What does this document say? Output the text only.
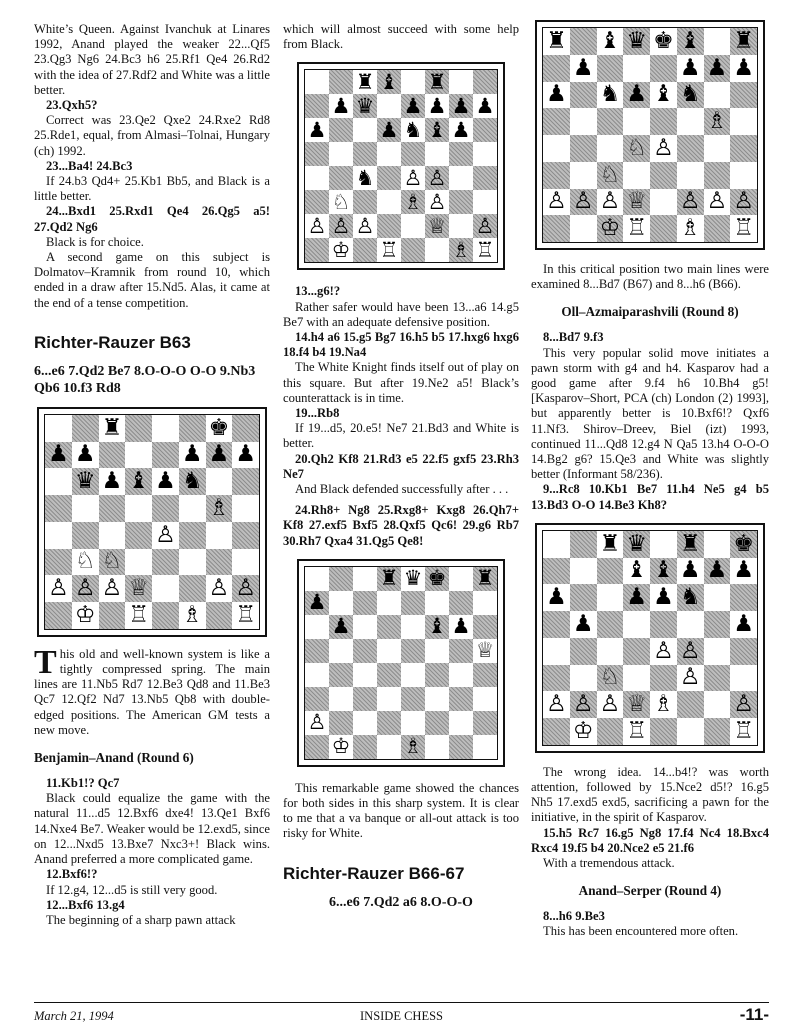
White’s Queen. Against Ivanchuk at Linares 1992, Anand played the weaker 22...Qf5 23.Qg3 Ng6 24.Bc3 h6 25.Rf1 Qe4 26.Rd2 with the idea of 27.Rdf2 and White was a little better.

23.Qxh5?

Correct was 23.Qe2 Qxe2 24.Rxe2 Rd8 25.Rde1, equal, from Almasi–Tolnai, Hungary (ch) 1992.

23...Ba4! 24.Bc3

If 24.b3 Qd4+ 25.Kb1 Bb5, and Black is a little better.

24...Bxd1 25.Rxd1 Qe4 26.Qg5 a5! 27.Qd2 Ng6

Black is for choice.

A second game on this subject is Dolmatov–Kramnik from round 10, which ended in a draw after 15.Nd5. Alas, it came at the end of a tense competition.

Richter-Rauzer B63
6...e6 7.Qd2 Be7 8.O-O-O O-O 9.Nb3 Qb6 10.f3 Rd8
♜	♚
♟ ♟	♟ ♟ ♟
♛ ♟ ♝ ♟ ♞
♗
♙
♘ ♘
♙ ♙ ♙ ♕	♙ ♙
♔ ♖ ♗ ♖

This old and well-known system is like a tightly compressed spring. The main lines are 11.Nb5 Rd7 12.Be3 Qd8 and 11.Be3 Qc7 12.Qf2 Nd7 13.Nb5 Qb8 with double-edged positions. The American GM tests a new move.

Benjamin–Anand (Round 6)

11.Kb1!? Qc7

Black could equalize the game with the natural 11...d5 12.Bxf6 dxe4! 13.Qe1 Bxf6 14.Nxe4 Be7. Weaker would be 12.exd5, since on 12...Nxd5 13.Bxe7 Nxc3+! Black wins. Anand preferred a more complicated game.

12.Bxf6!?

If 12.g4, 12...d5 is still very good.

12...Bxf6 13.g4

The beginning of a sharp pawn attack

which will almost succeed with some help from Black.

♜ ♝ ♜
♟ ♛ ♟ ♟ ♟ ♟
♟	♟ ♞ ♝ ♟
♞ ♙ ♙
♘	♗ ♙
♙ ♙ ♙	♕ ♙
♔ ♖	♗ ♖

13...g6!?

Rather safer would have been 13...a6 14.g5 Be7 with an adequate defensive position.

14.h4 a6 15.g5 Bg7 16.h5 b5 17.hxg6 hxg6 18.f4 b4 19.Na4

The White Knight finds itself out of play on this square. But after 19.Ne2 a5! Black’s counterattack is in time.

19...Rb8

If 19...d5, 20.e5! Ne7 21.Bd3 and White is better.

20.Qh2 Kf8 21.Rd3 e5 22.f5 gxf5 23.Rh3 Ne7

And Black defended successfully after . . .

24.Rh8+ Ng8 25.Rxg8+ Kxg8 26.Qh7+ Kf8 27.exf5 Bxf5 28.Qxf5 Qc6! 29.g6 Rb7 30.Rh7 Qxa4 31.Qg5 Qe8!

♜ ♛ ♚ ♜
♟
♟	♝ ♟
♕
♙
♔	♗

This remarkable game showed the chances for both sides in this sharp system. It is clear to me that a va banque or all-out attack is too risky for White.

Richter-Rauzer B66-67
6...e6 7.Qd2 a6 8.O-O-O
♜ ♝ ♛ ♚ ♝ ♜
♟	♟ ♟ ♟
♟ ♞ ♟ ♝ ♞
♗
♘ ♙
♘
♙ ♙ ♙ ♕ ♙ ♙ ♙
♔ ♖ ♗ ♖

In this critical position two main lines were examined 8...Bd7 (B67) and 8...h6 (B66).

Oll–Azmaiparashvili (Round 8)

8...Bd7 9.f3

This very popular solid move initiates a pawn storm with g4 and h4. Kasparov had a good game after 9.f4 h6 10.Bh4 g5! [Kasparov–Short, PCA (ch) London (2) 1993], but apparently better is 10.Bxf6!? Qxf6 11.Nf3. Shirov–Dreev, Biel (izt) 1993, continued 11...Qd8 12.g4 N Qa5 13.h4 O-O-O 14.Bg2 g6? 15.Qe3 and White was slightly better (Informant 58/236).

9...Rc8 10.Kb1 Be7 11.h4 Ne5 g4 b5 13.Bd3 O-O 14.Be3 Kh8?

♜ ♛ ♜ ♚
♝ ♝ ♟ ♟ ♟
♟	♟ ♟ ♞
♟	♟
♙ ♙
♘	♙
♙ ♙ ♙ ♕ ♗	♙
♔ ♖	♖

The wrong idea. 14...b4!? was worth attention, followed by 15.Nce2 d5!? 16.g5 Nh5 17.exd5 exd5, sacrificing a pawn for the initiative, in the spirit of Kasparov.

15.h5 Rc7 16.g5 Ng8 17.f4 Nc4 18.Bxc4 Rxc4 19.f5 b4 20.Nce2 e5 21.f6

With a tremendous attack.

Anand–Serper (Round 4)

8...h6 9.Be3

This has been encountered more often.

March 21, 1994	INSIDE CHESS	-11-
